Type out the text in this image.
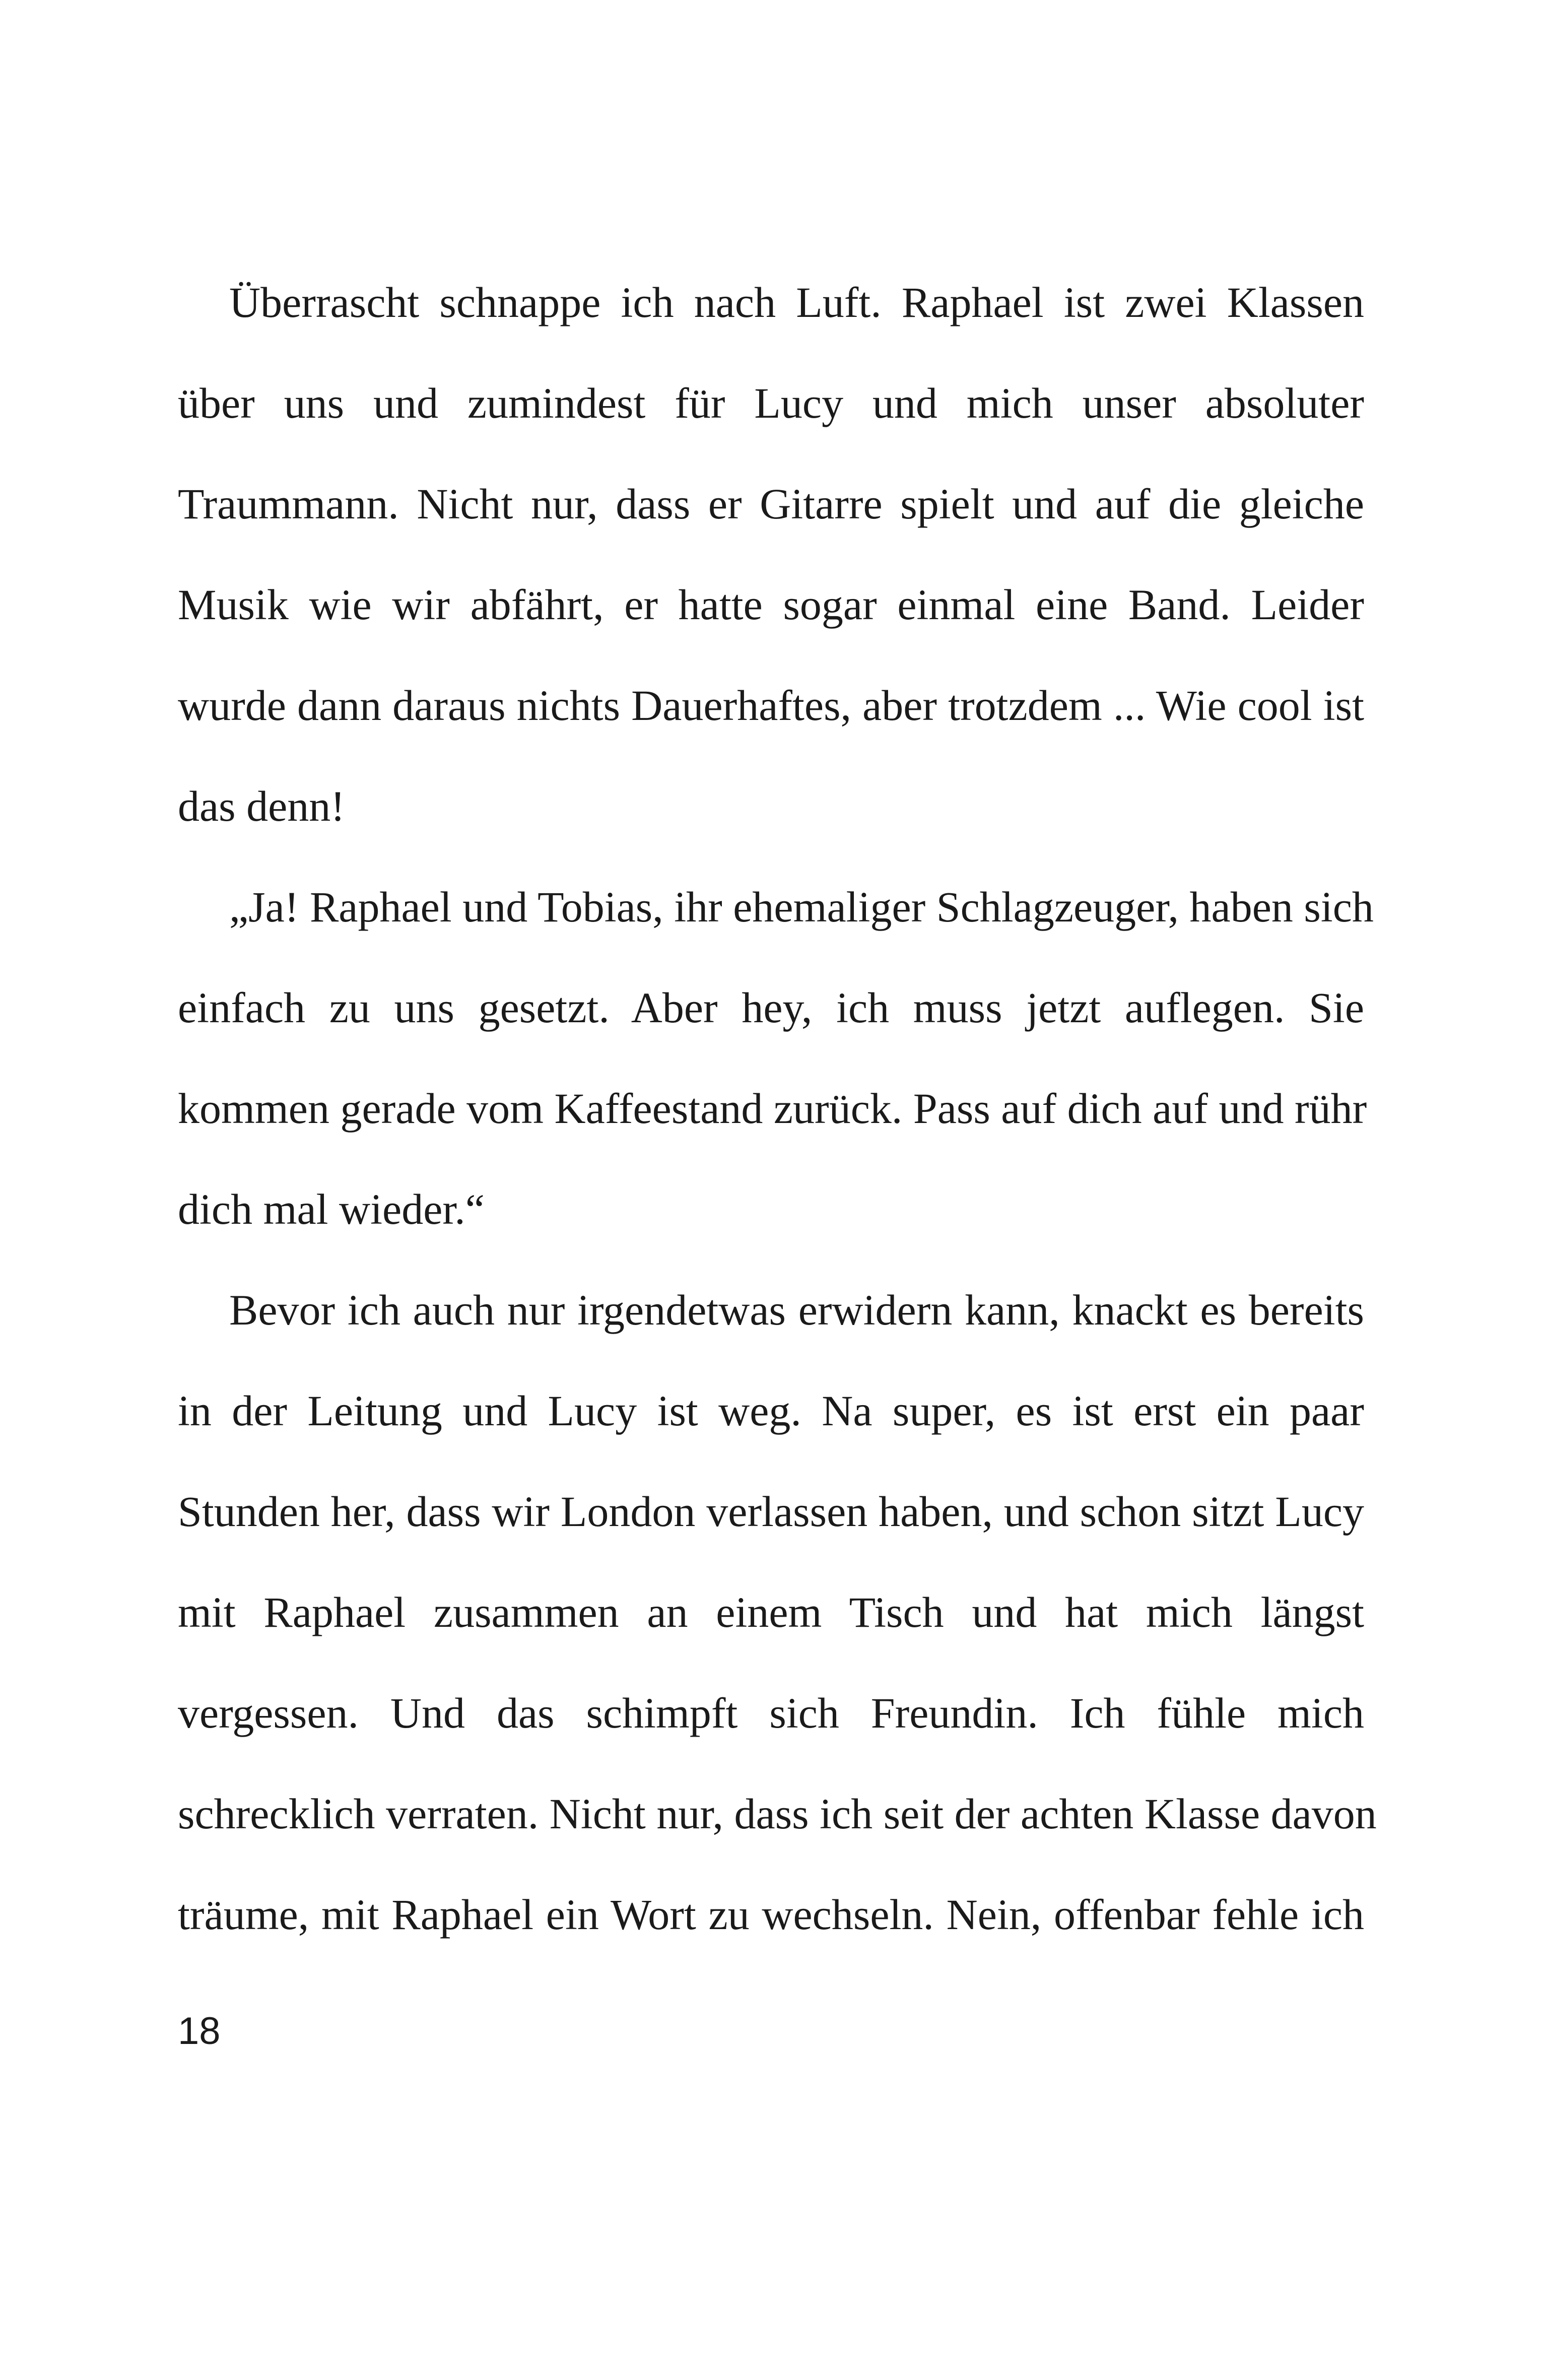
Überrascht schnappe ich nach Luft. Raphael ist zwei Klassen
über uns und zumindest für Lucy und mich unser absoluter
Traummann. Nicht nur, dass er Gitarre spielt und auf die gleiche
Musik wie wir abfährt, er hatte sogar einmal eine Band. Leider
wurde dann daraus nichts Dauerhaftes, aber trotzdem ... Wie cool ist
das denn!
„Ja! Raphael und Tobias, ihr ehemaliger Schlagzeuger, haben sich
einfach zu uns gesetzt. Aber hey, ich muss jetzt auflegen. Sie
kommen gerade vom Kaffeestand zurück. Pass auf dich auf und rühr
dich mal wieder.“
Bevor ich auch nur irgendetwas erwidern kann, knackt es bereits
in der Leitung und Lucy ist weg. Na super, es ist erst ein paar
Stunden her, dass wir London verlassen haben, und schon sitzt Lucy
mit Raphael zusammen an einem Tisch und hat mich längst
vergessen. Und das schimpft sich Freundin. Ich fühle mich
schrecklich verraten. Nicht nur, dass ich seit der achten Klasse davon
träume, mit Raphael ein Wort zu wechseln. Nein, offenbar fehle ich
18
